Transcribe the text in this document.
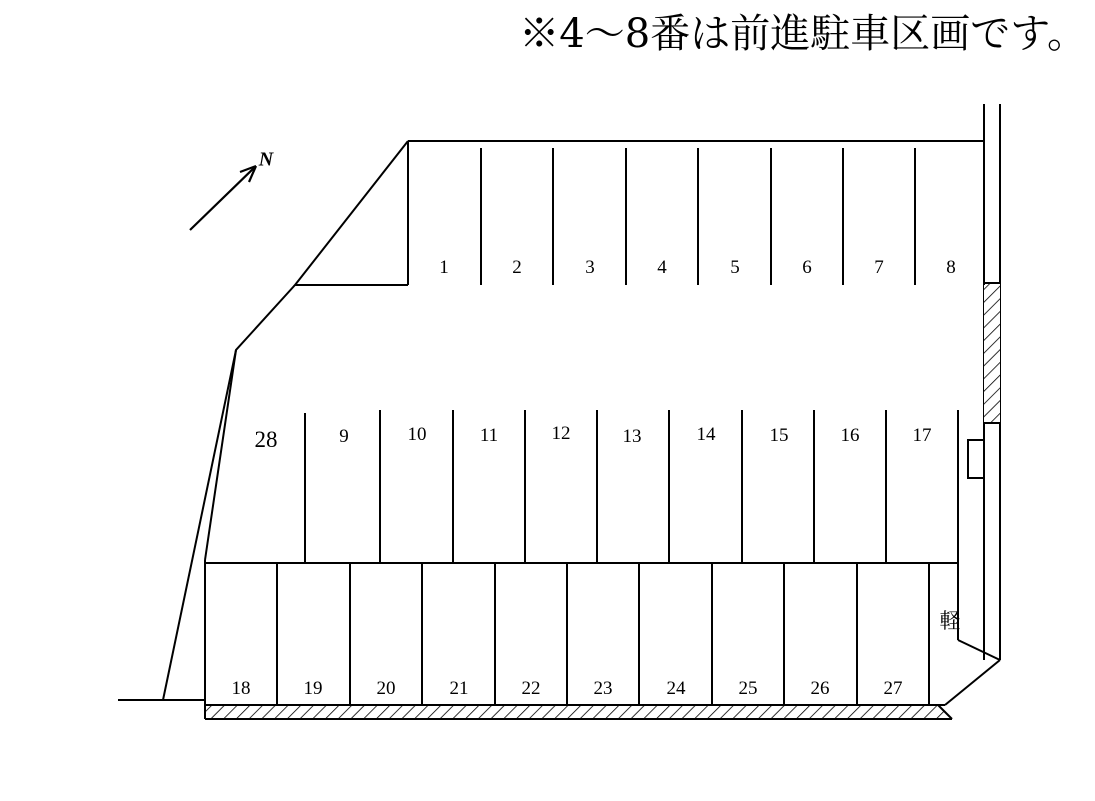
※4〜8番は前進駐車区画です。
N
1	2	3	4	5	6	7	8
28	9	10	11	12	13	14	15	16	17
18	19	20	21	22	23	24	25	26	27
軽
